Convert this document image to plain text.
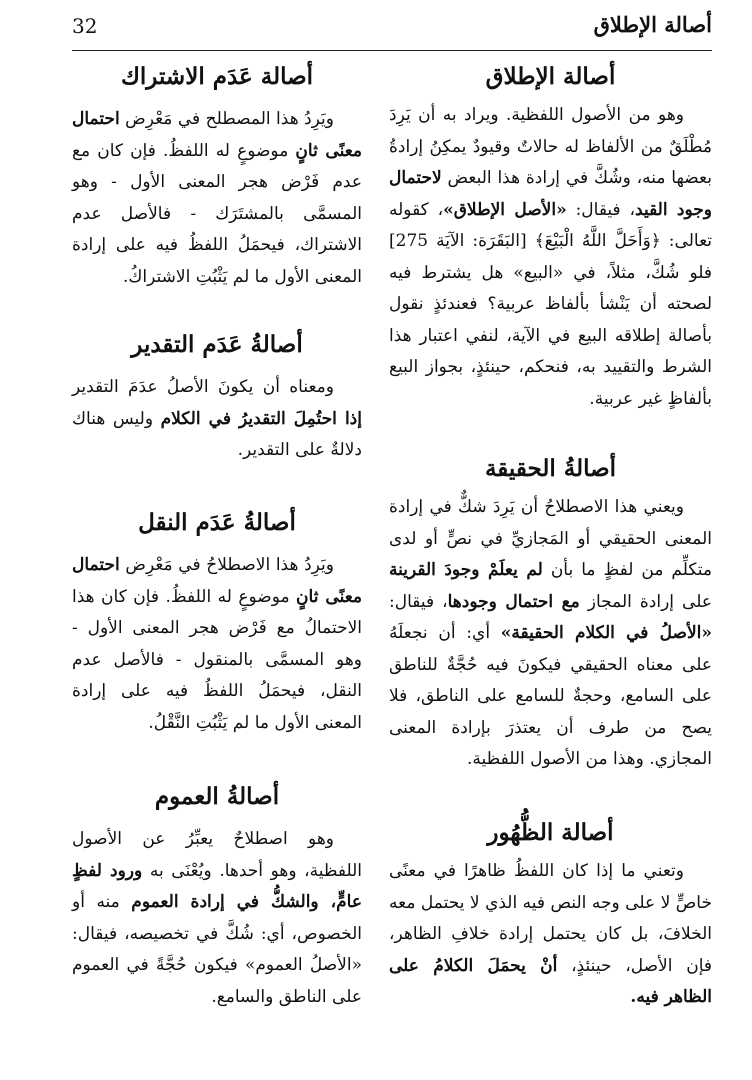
32	أصالة الإطلاق
أصالة الإطلاق

وهو من الأصول اللفظية. ويراد به أن يَرِدَ مُطْلَقٌ من الألفاظ له حالاتٌ وقيودٌ يمكِنُ إرادةُ بعضها منه، وشُكَّ في إرادة هذا البعض لاحتمال وجود القيد، فيقال: «الأصل الإطلاق»، كقوله تعالى: ﴿وَأَحَلَّ اللَّهُ الْبَيْعَ﴾ [البَقَرَة: الآيَة 275] فلو شُكَّ، مثلاً، في «البيع» هل يشترط فيه لصحته أن يَنْشأ بألفاظ عربية؟ فعندئذٍ نقول بأصالة إطلاقه البيع في الآية، لنفي اعتبار هذا الشرط والتقييد به، فنحكم، حينئذٍ، بجواز البيع بألفاظٍ غير عربية.

أصالةُ الحقيقة

ويعني هذا الاصطلاحُ أن يَرِدَ شكٌّ في إرادة المعنى الحقيقي أو المَجازيِّ في نصٍّ أو لدى متكلِّم من لفظٍ ما بأن لم يعلَمْ وجودَ القرينة على إرادة المجاز مع احتمال وجودها، فيقال: «الأصلُ في الكلام الحقيقة» أي: أن نجعلَهُ على معناه الحقيقي فيكونَ فيه حُجَّةٌ للناطق على السامع، وحجةٌ للسامع على الناطق، فلا يصح من طرف أن يعتذرَ بإرادة المعنى المجازي. وهذا من الأصول اللفظية.

أصالة الظُّهُور

وتعني ما إذا كان اللفظُ ظاهرًا في معنًى خاصٍّ لا على وجه النص فيه الذي لا يحتمل معه الخلافَ، بل كان يحتمل إرادة خلافِ الظاهر، فإن الأصل، حينئذٍ، أنْ يحمَلَ الكلامُ على الظاهر فيه.

أصالة عَدَم الاشتراك

ويَرِدُ هذا المصطلح في مَعْرِض احتمال معنًى ثانٍ موضوعٍ له اللفظُ. فإن كان مع عدم فَرْض هجر المعنى الأول - وهو المسمَّى بالمشتَرَك - فالأصل عدم الاشتراك، فيحمَلُ اللفظُ فيه على إرادة المعنى الأول ما لم يَثْبُتِ الاشتراكُ.

أصالةُ عَدَم التقدير

ومعناه أن يكونَ الأصلُ عدَمَ التقدير إذا احتُمِلَ التقديرُ في الكلام وليس هناك دلالةٌ على التقدير.

أصالةُ عَدَم النقل

ويَرِدُ هذا الاصطلاحُ في مَعْرِض احتمال معنًى ثانٍ موضوعٍ له اللفظُ. فإن كان هذا الاحتمالُ مع فَرْض هجر المعنى الأول - وهو المسمَّى بالمنقول - فالأصل عدم النقل، فيحمَلُ اللفظُ فيه على إرادة المعنى الأول ما لم يَثْبُتِ النَّقْلُ.

أصالةُ العموم

وهو اصطلاحٌ يعبِّرُ عن الأصول اللفظية، وهو أحدها. ويُعْنَى به ورود لفظٍ عامٍّ، والشكُّ في إرادة العموم منه أو الخصوص، أي: شُكَّ في تخصيصه، فيقال: «الأصلُ العموم» فيكون حُجَّةً في العموم على الناطق والسامع.
